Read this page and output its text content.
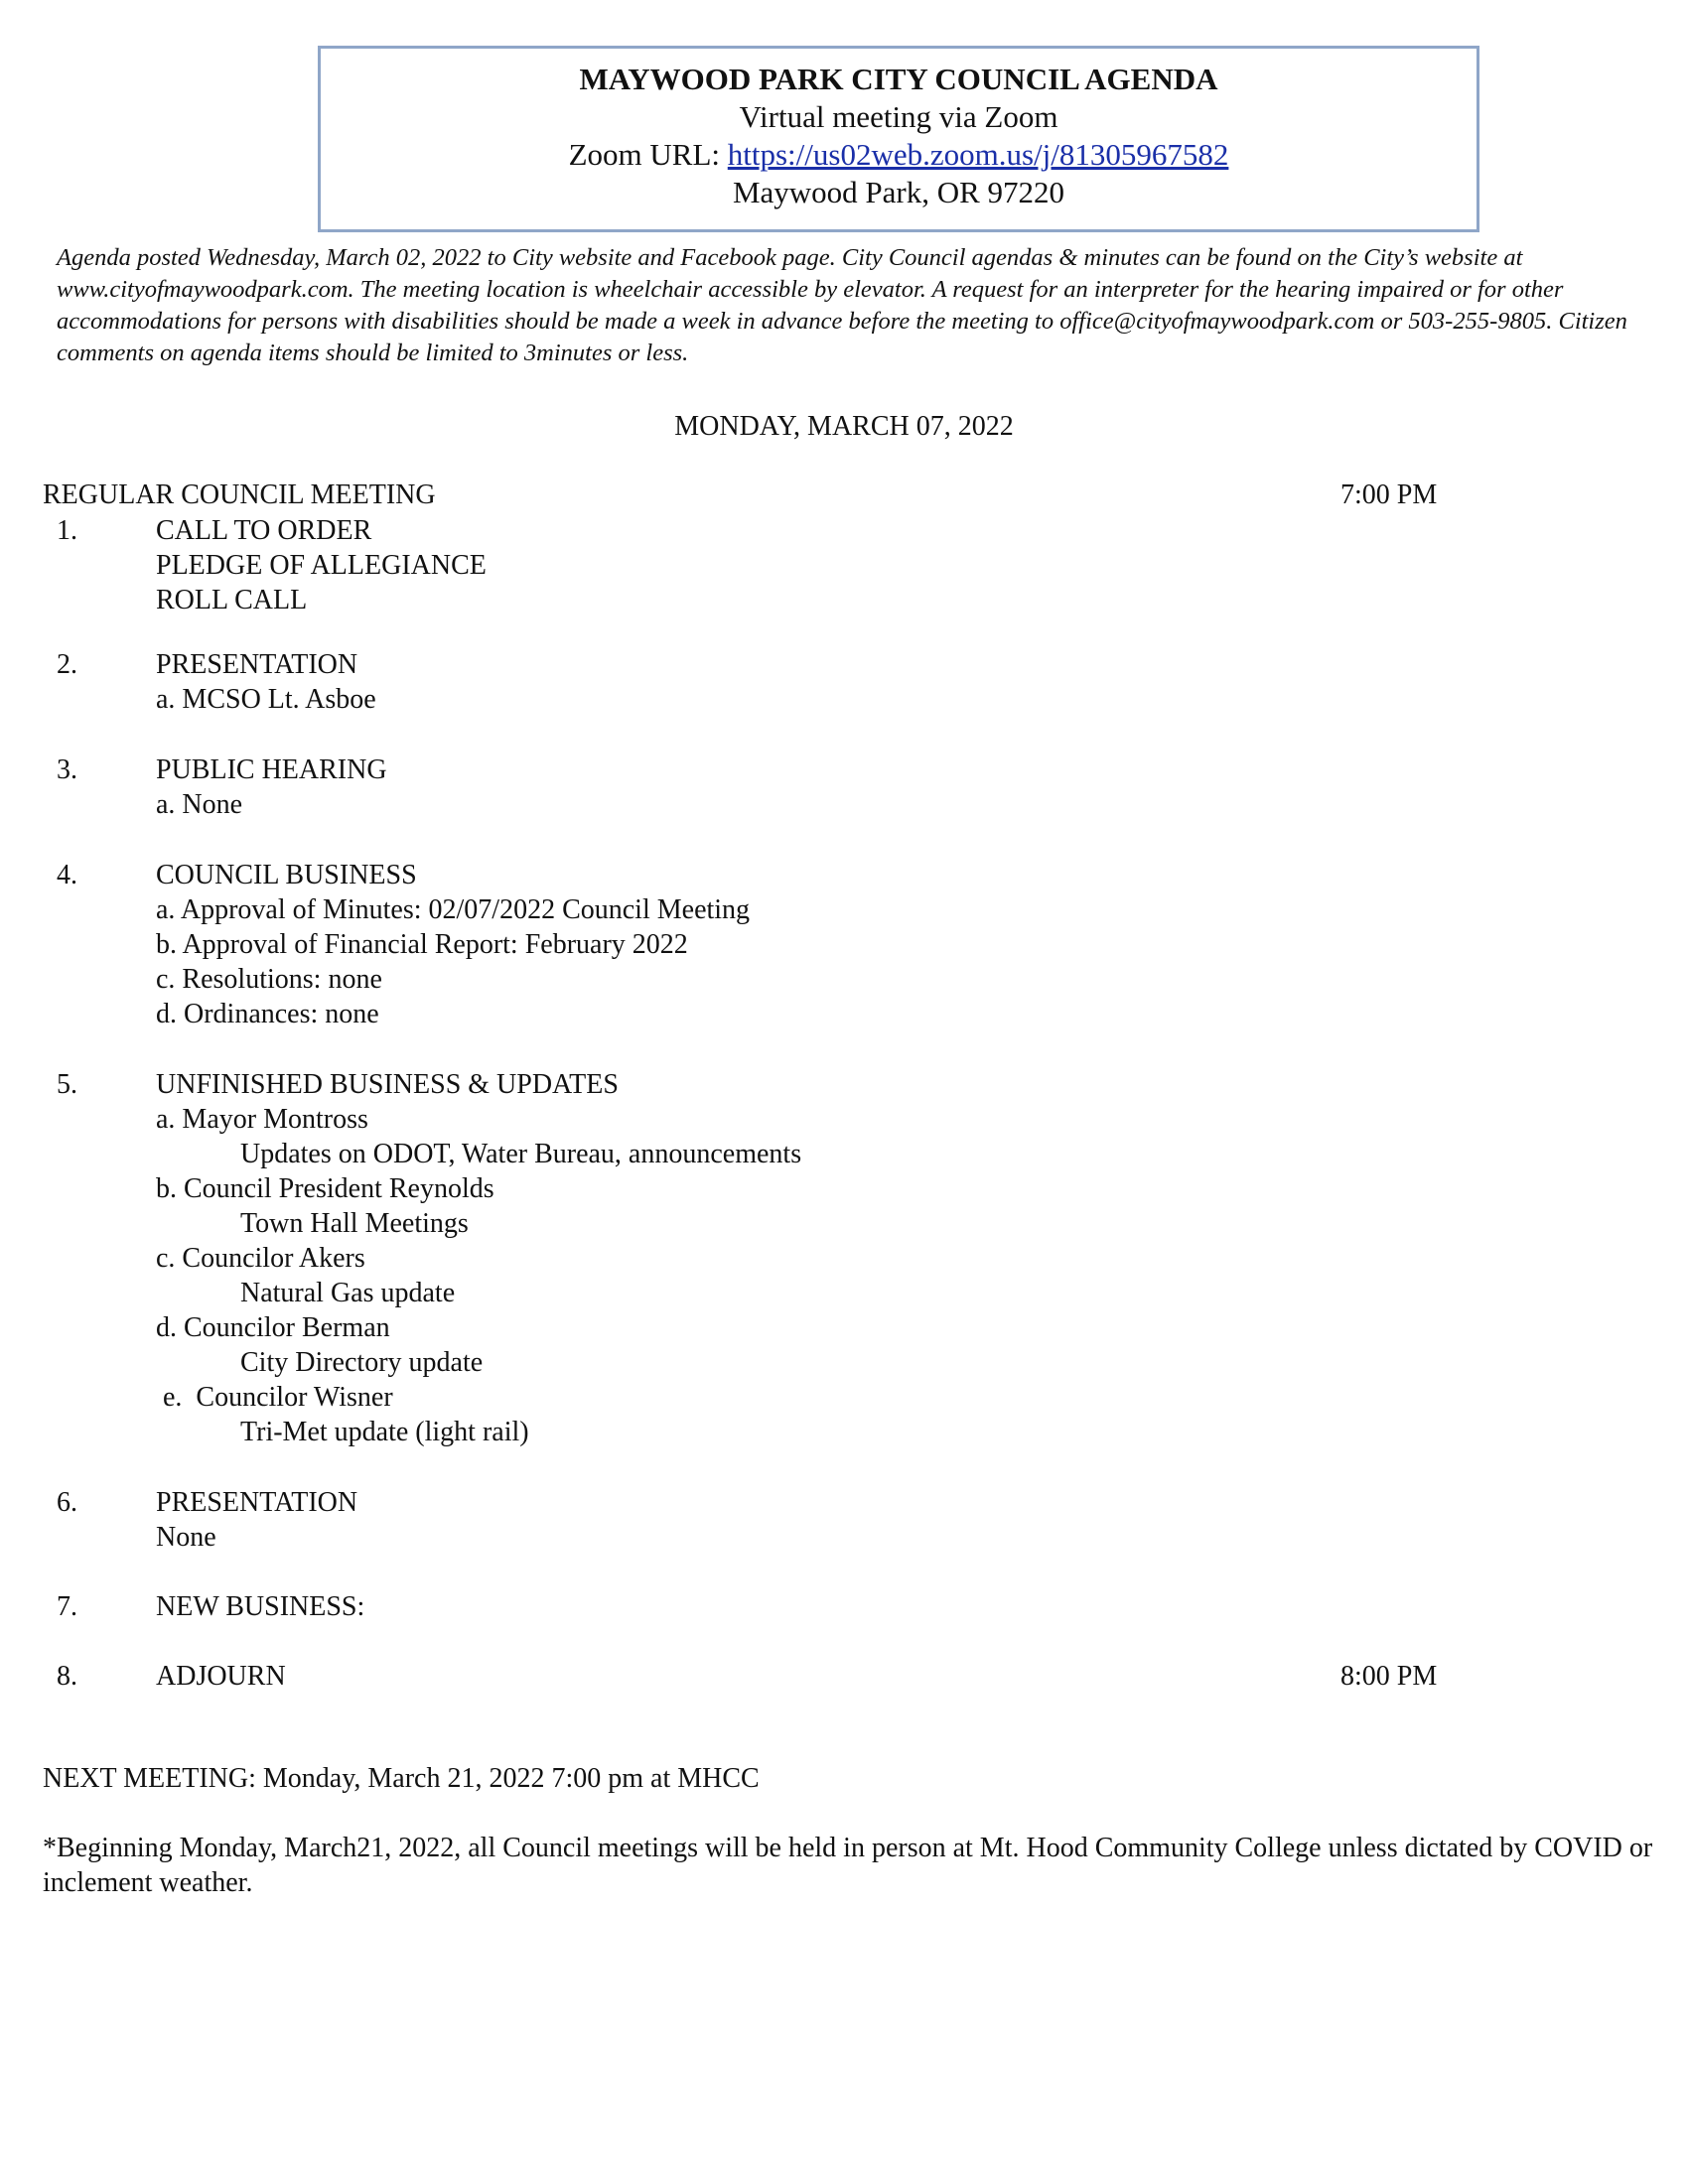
MAYWOOD PARK CITY COUNCIL AGENDA
Virtual meeting via Zoom
Zoom URL: https://us02web.zoom.us/j/81305967582
Maywood Park, OR 97220
Agenda posted Wednesday, March 02, 2022 to City website and Facebook page. City Council agendas & minutes can be found on the City’s website at www.cityofmaywoodpark.com. The meeting location is wheelchair accessible by elevator. A request for an interpreter for the hearing impaired or for other accommodations for persons with disabilities should be made a week in advance before the meeting to office@cityofmaywoodpark.com or 503-255-9805. Citizen comments on agenda items should be limited to 3minutes or less.
MONDAY, MARCH 07, 2022
REGULAR COUNCIL MEETING	7:00 PM
1.	CALL TO ORDER
PLEDGE OF ALLEGIANCE
ROLL CALL
2.	PRESENTATION
a. MCSO Lt. Asboe
3.	PUBLIC HEARING
a. None
4.	COUNCIL BUSINESS
a. Approval of Minutes: 02/07/2022 Council Meeting
b. Approval of Financial Report: February 2022
c. Resolutions: none
d. Ordinances: none
5.	UNFINISHED BUSINESS & UPDATES
a. Mayor Montross
Updates on ODOT, Water Bureau, announcements
b. Council President Reynolds
Town Hall Meetings
c. Councilor Akers
Natural Gas update
d. Councilor Berman
City Directory update
e.  Councilor Wisner
Tri-Met update (light rail)
6.	PRESENTATION
None
7.	NEW BUSINESS:
8.	ADJOURN	8:00 PM
NEXT MEETING: Monday, March 21, 2022 7:00 pm at MHCC
*Beginning Monday, March21, 2022, all Council meetings will be held in person at Mt. Hood Community College unless dictated by COVID or inclement weather.
